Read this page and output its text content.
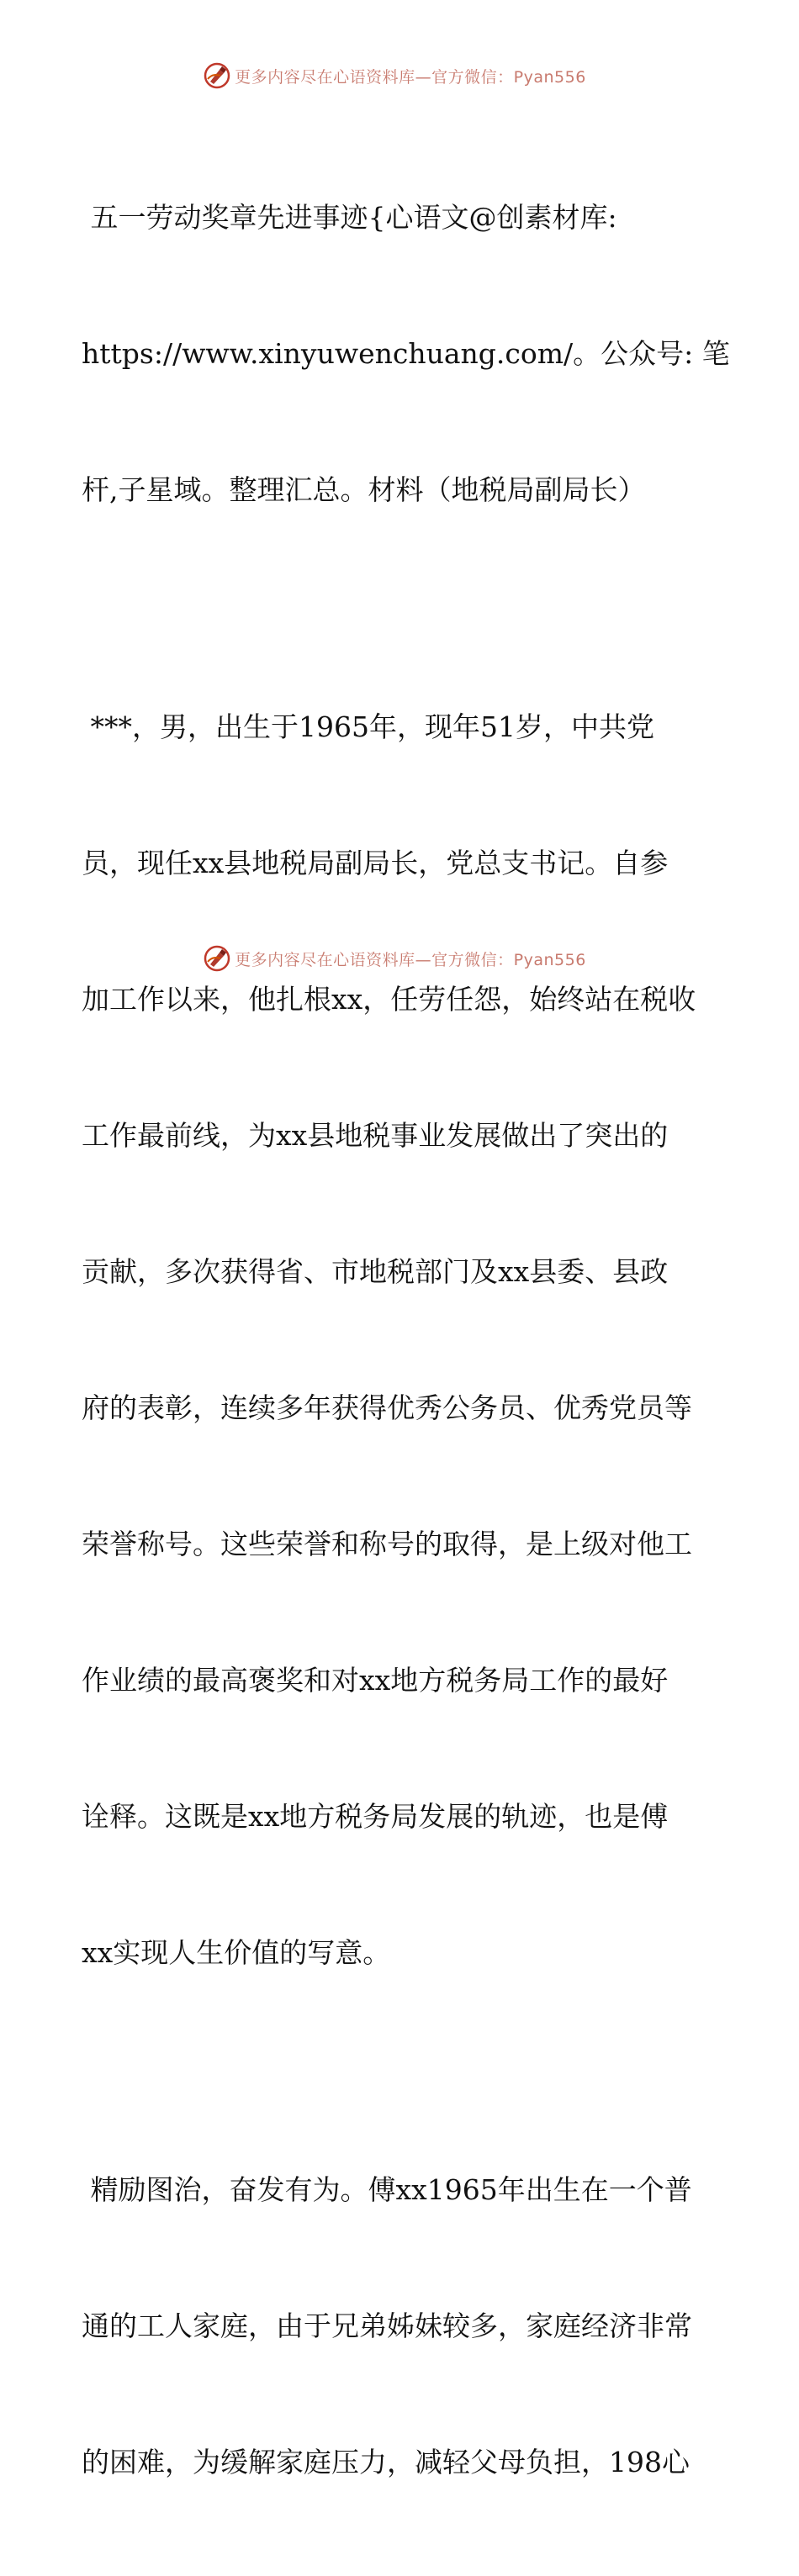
更多内容尽在心语资料库—官方微信：Pyan556

五一劳动奖章先进事迹{心语文@创素材库:

https://www.xinyuwenchuang.com/。公众号: 笔

杆,子星域。整理汇总。材料（地税局副局长）

***，男，出生于1965年，现年51岁，中共党

员，现任xx县地税局副局长，党总支书记。自参

加工作以来，他扎根xx，任劳任怨，始终站在税收

工作最前线，为xx县地税事业发展做出了突出的

贡献，多次获得省、市地税部门及xx县委、县政

府的表彰，连续多年获得优秀公务员、优秀党员等

荣誉称号。这些荣誉和称号的取得，是上级对他工

作业绩的最高褒奖和对xx地方税务局工作的最好

诠释。这既是xx地方税务局发展的轨迹，也是傅

xx实现人生价值的写意。

精励图治，奋发有为。傅xx1965年出生在一个普

通的工人家庭，由于兄弟姊妹较多，家庭经济非常

的困难，为缓解家庭压力，减轻父母负担，198心

更多内容尽在心语资料库—官方微信：Pyan556
